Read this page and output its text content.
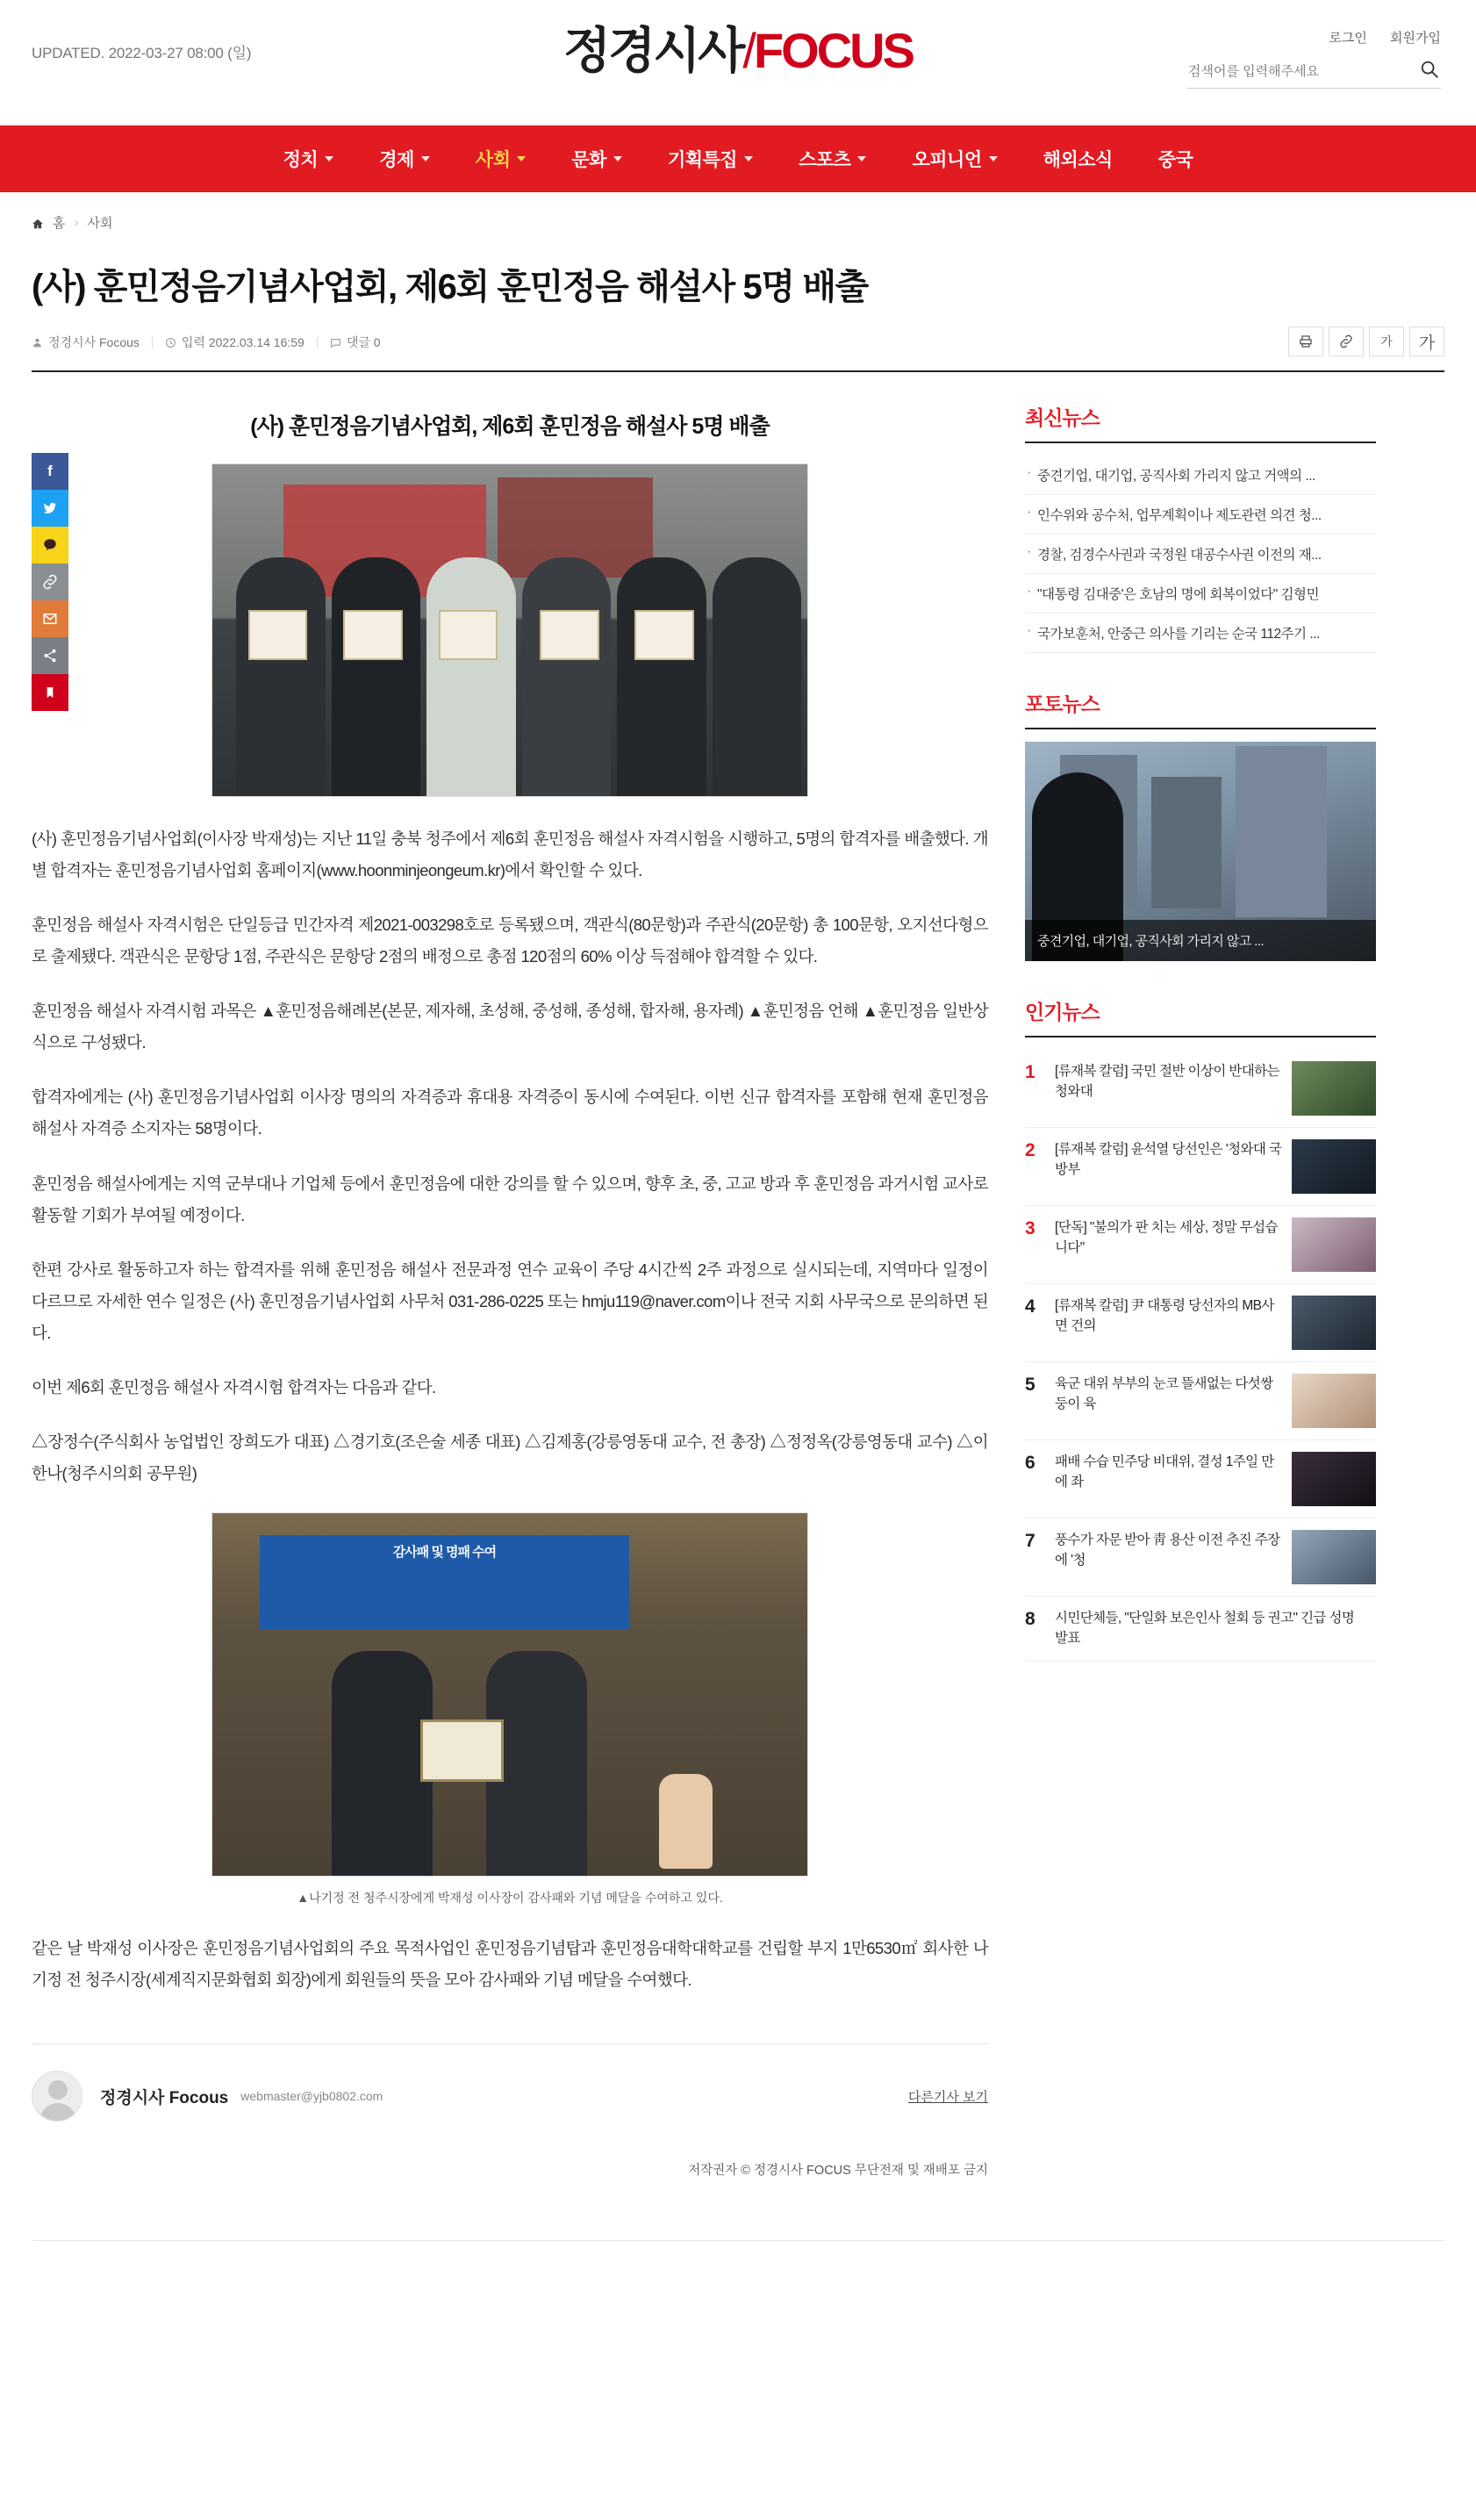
UPDATED. 2022-03-27 08:00 (일)	정경시사/FOCUS	로그인 회원가입
검색어를 입력해주세요
정치	경제	사회	문화	기획특집	스포츠	오피니언	해외소식 중국
홈 › 사회
(사) 훈민정음기념사업회, 제6회 훈민정음 해설사 5명 배출
정경시사 Focous	입력 2022.03.14 16:59	댓글 0	가	가
f
(사) 훈민정음기념사업회, 제6회 훈민정음 해설사 5명 배출

(사) 훈민정음기념사업회(이사장 박재성)는 지난 11일 충북 청주에서 제6회 훈민정음 해설사 자격시험을 시행하고, 5명의 합격자를 배출했다. 개별 합격자는 훈민정음기념사업회 홈페이지(www.hoonminjeongeum.kr)에서 확인할 수 있다.

훈민정음 해설사 자격시험은 단일등급 민간자격 제2021-003298호로 등록됐으며, 객관식(80문항)과 주관식(20문항) 총 100문항, 오지선다형으로 출제됐다. 객관식은 문항당 1점, 주관식은 문항당 2점의 배정으로 총점 120점의 60% 이상 득점해야 합격할 수 있다.

훈민정음 해설사 자격시험 과목은 ▲훈민정음해례본(본문, 제자해, 초성해, 중성해, 종성해, 합자해, 용자례) ▲훈민정음 언해 ▲훈민정음 일반상식으로 구성됐다.

합격자에게는 (사) 훈민정음기념사업회 이사장 명의의 자격증과 휴대용 자격증이 동시에 수여된다. 이번 신규 합격자를 포함해 현재 훈민정음 해설사 자격증 소지자는 58명이다.

훈민정음 해설사에게는 지역 군부대나 기업체 등에서 훈민정음에 대한 강의를 할 수 있으며, 향후 초, 중, 고교 방과 후 훈민정음 과거시험 교사로 활동할 기회가 부여될 예정이다.

한편 강사로 활동하고자 하는 합격자를 위해 훈민정음 해설사 전문과정 연수 교육이 주당 4시간씩 2주 과정으로 실시되는데, 지역마다 일정이 다르므로 자세한 연수 일정은 (사) 훈민정음기념사업회 사무처 031-286-0225 또는 hmju119@naver.com이나 전국 지회 사무국으로 문의하면 된다.

이번 제6회 훈민정음 해설사 자격시험 합격자는 다음과 같다.

△장정수(주식회사 농업법인 장희도가 대표) △경기호(조은술 세종 대표) △김제홍(강릉영동대 교수, 전 총장) △정정옥(강릉영동대 교수) △이한나(청주시의회 공무원)

감사패 및 명패 수여
▲나기정 전 청주시장에게 박재성 이사장이 감사패와 기념 메달을 수여하고 있다.

같은 날 박재성 이사장은 훈민정음기념사업회의 주요 목적사업인 훈민정음기념탑과 훈민정음대학대학교를 건립할 부지 1만6530㎡ 회사한 나기정 전 청주시장(세계직지문화협회 회장)에게 회원들의 뜻을 모아 감사패와 기념 메달을 수여했다.

정경시사 Focous webmaster@yjb0802.com	다른기사 보기
저작권자 © 정경시사 FOCUS 무단전재 및 재배포 금지
최신뉴스
· 중견기업, 대기업, 공직사회 가리지 않고 거액의 ...
· 인수위와 공수처, 업무계획이나 제도관련 의견 청...
· 경찰, 검경수사권과 국정원 대공수사권 이전의 재...
· "대통령 김대중'은 호남의 명에 회복이었다" 김형민
· 국가보훈처, 안중근 의사를 기리는 순국 112주기 ...
포토뉴스
중견기업, 대기업, 공직사회 가리지 않고 ...
인기뉴스
1	[류재복 칼럼] 국민 절반 이상이 반대하는 청와대
2	[류재복 칼럼] 윤석열 당선인은 '청와대 국방부
3	[단독] "불의가 판 치는 세상, 정말 무섭습니다"
4	[류재복 칼럼] 尹 대통령 당선자의 MB사면 건의
5	육군 대위 부부의 눈코 뜰새없는 다섯쌍둥이 육
6	패배 수습 민주당 비대위, 결성 1주일 만에 좌
7	풍수가 자문 받아 靑 용산 이전 추진 주장에 '청
8	시민단체들, "단일화 보은인사 철회 등 권고" 긴급 성명 발표
